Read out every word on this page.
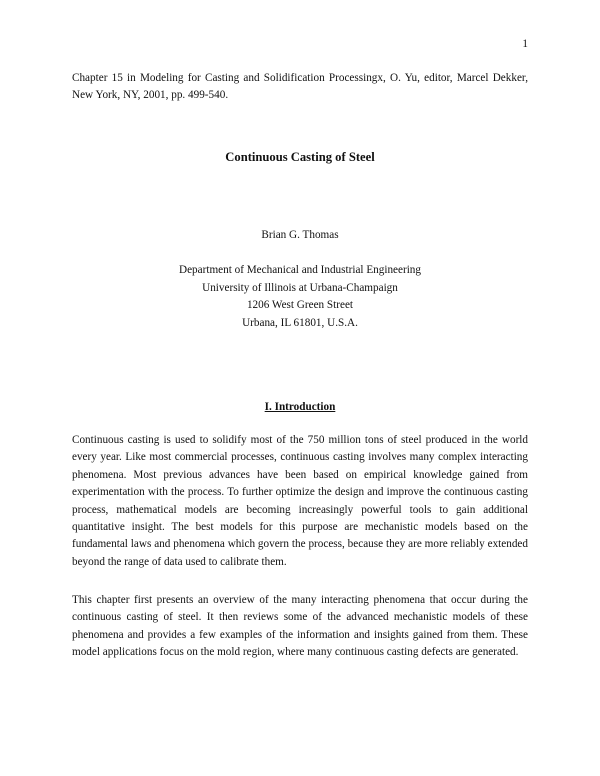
1
Chapter 15 in Modeling for Casting and Solidification Processingx, O. Yu, editor, Marcel Dekker, New York, NY, 2001, pp. 499-540.
Continuous Casting of Steel
Brian G. Thomas
Department of Mechanical and Industrial Engineering
University of Illinois at Urbana-Champaign
1206 West Green Street
Urbana, IL 61801, U.S.A.
I. Introduction
Continuous casting is used to solidify most of the 750 million tons of steel produced in the world every year. Like most commercial processes, continuous casting involves many complex interacting phenomena. Most previous advances have been based on empirical knowledge gained from experimentation with the process. To further optimize the design and improve the continuous casting process, mathematical models are becoming increasingly powerful tools to gain additional quantitative insight. The best models for this purpose are mechanistic models based on the fundamental laws and phenomena which govern the process, because they are more reliably extended beyond the range of data used to calibrate them.
This chapter first presents an overview of the many interacting phenomena that occur during the continuous casting of steel. It then reviews some of the advanced mechanistic models of these phenomena and provides a few examples of the information and insights gained from them. These model applications focus on the mold region, where many continuous casting defects are generated.
